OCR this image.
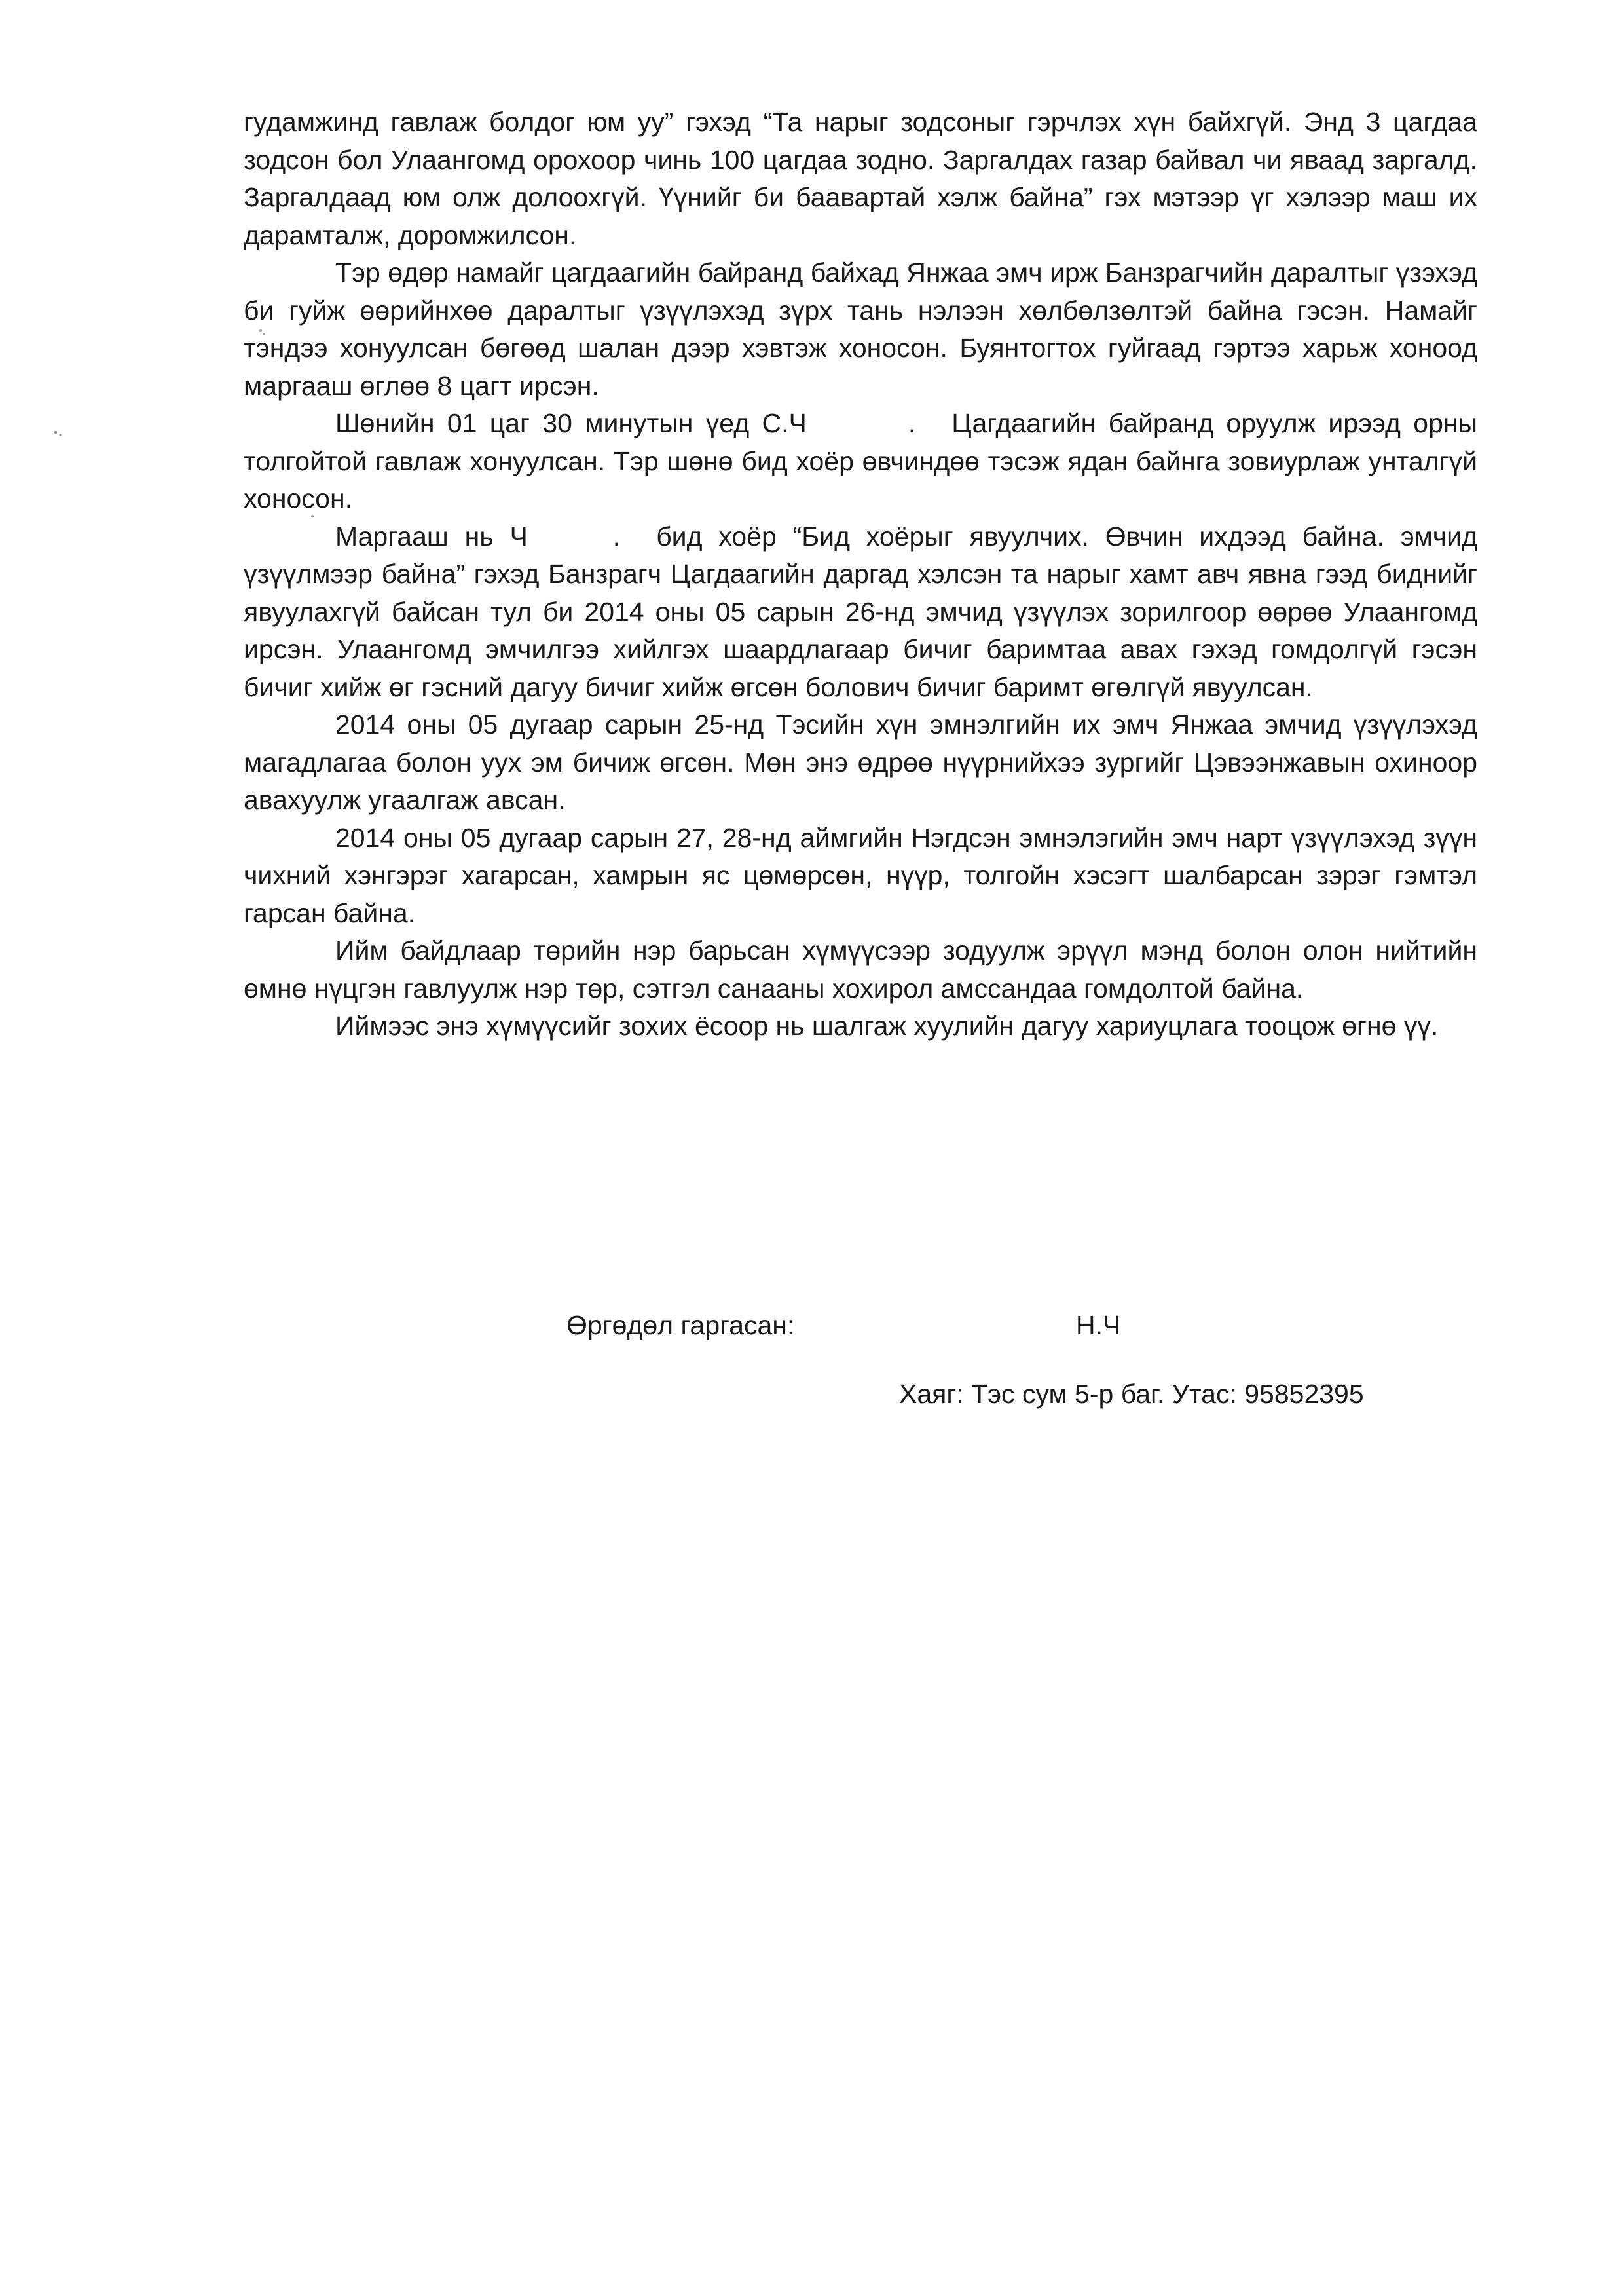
гудамжинд гавлаж болдог юм уу” гэхэд “Та нарыг зодсоныг гэрчлэх хүн байхгүй. Энд 3 цагдаа зодсон бол Улаангомд орохоор чинь 100 цагдаа зодно. Заргалдах газар байвал чи яваад заргалд. Заргалдаад юм олж долоохгүй. Үүнийг би баавартай хэлж байна” гэх мэтээр үг хэлээр маш их дарамталж, доромжилсон.

Тэр өдөр намайг цагдаагийн байранд байхад Янжаа эмч ирж Банзрагчийн даралтыг үзэхэд би гуйж өөрийнхөө даралтыг үзүүлэхэд зүрх тань нэлээн хөлбөлзөлтэй байна гэсэн. Намайг тэндээ хонуулсан бөгөөд шалан дээр хэвтэж хоносон. Буянтогтох гуйгаад гэртээ харьж хоноод маргааш өглөө 8 цагт ирсэн.

Шөнийн 01 цаг 30 минутын үед С.Ч	. Цагдаагийн байранд оруулж ирээд орны толгойтой гавлаж хонуулсан. Тэр шөнө бид хоёр өвчиндөө тэсэж ядан байнга зовиурлаж унталгүй хоносон.

Маргааш нь Ч	. бид хоёр “Бид хоёрыг явуулчих. Өвчин ихдээд байна. эмчид үзүүлмээр байна” гэхэд Банзрагч Цагдаагийн даргад хэлсэн та нарыг хамт авч явна гээд биднийг явуулахгүй байсан тул би 2014 оны 05 сарын 26-нд эмчид үзүүлэх зорилгоор өөрөө Улаангомд ирсэн. Улаангомд эмчилгээ хийлгэх шаардлагаар бичиг баримтаа авах гэхэд гомдолгүй гэсэн бичиг хийж өг гэсний дагуу бичиг хийж өгсөн болович бичиг баримт өгөлгүй явуулсан.

2014 оны 05 дугаар сарын 25-нд Тэсийн хүн эмнэлгийн их эмч Янжаа эмчид үзүүлэхэд магадлагаа болон уух эм бичиж өгсөн. Мөн энэ өдрөө нүүрнийхээ зургийг Цэвээнжавын охиноор авахуулж угаалгаж авсан.

2014 оны 05 дугаар сарын 27, 28-нд аймгийн Нэгдсэн эмнэлэгийн эмч нарт үзүүлэхэд зүүн чихний хэнгэрэг хагарсан, хамрын яс цөмөрсөн, нүүр, толгойн хэсэгт шалбарсан зэрэг гэмтэл гарсан байна.

Ийм байдлаар төрийн нэр барьсан хүмүүсээр зодуулж эрүүл мэнд болон олон нийтийн өмнө нүцгэн гавлуулж нэр төр, сэтгэл санааны хохирол амссандаа гомдолтой байна.

Иймээс энэ хүмүүсийг зохих ёсоор нь шалгаж хуулийн дагуу хариуцлага тооцож өгнө үү.

Өргөдөл гаргасан:	Н.Ч
Хаяг: Тэс сум 5-р баг. Утас: 95852395
